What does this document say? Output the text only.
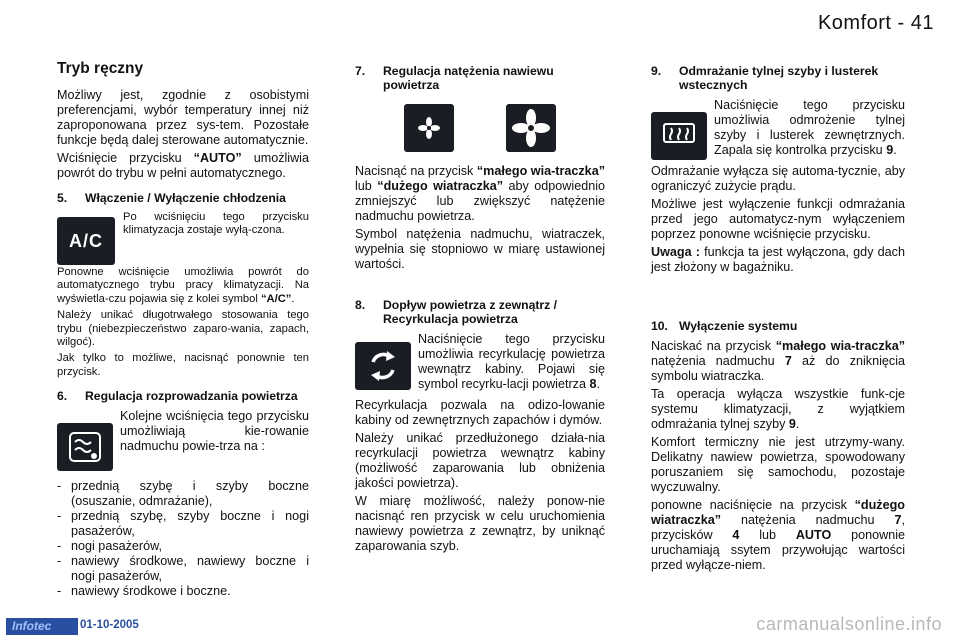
Komfort - 41
Tryb ręczny

Możliwy jest, zgodnie z osobistymi preferencjami, wybór temperatury innej niż zaproponowana przez sys-tem. Pozostałe funkcje będą dalej sterowane automatycznie.

Wciśnięcie przycisku “AUTO” umożliwia powrót do trybu w pełni automatycznego.

5.	Włączenie / Wyłączenie chłodzenia
A/C

Po wciśnięciu tego przycisku klimatyzacja zostaje wyłą-czona.

Ponowne wciśnięcie umożliwia powrót do automatycznego trybu pracy klimatyzacji. Na wyświetla-czu pojawia się z kolei symbol “A/C”.

Należy unikać długotrwałego stosowania tego trybu (niebezpieczeństwo zaparo-wania, zapach, wilgoć).

Jak tylko to możliwe, nacisnąć ponownie ten przycisk.

6.	Regulacja rozprowadzania powietrza

Kolejne wciśnięcia tego przycisku umożliwiają kie-rowanie nadmuchu powie-trza na :

- przednią szybę i szyby boczne (osuszanie, odmrażanie),
- przednią szybę, szyby boczne i nogi pasażerów,
- nogi pasażerów,
- nawiewy środkowe, nawiewy boczne i nogi pasażerów,
- nawiewy środkowe i boczne.
7.	Regulacja natężenia nawiewu powietrza

Nacisnąć na przycisk “małego wia-traczka” lub “dużego wiatraczka” aby odpowiednio zmniejszyć lub zwiększyć natężenie nadmuchu powietrza.

Symbol natężenia nadmuchu, wiatraczek, wypełnia się stopniowo w miarę ustawionej wartości.

8.	Dopływ powietrza z zewnątrz / Recyrkulacja powietrza

Naciśnięcie tego przycisku umożliwia recyrkulację powietrza wewnątrz kabiny. Pojawi się symbol recyrku-lacji powietrza 8.

Recyrkulacja pozwala na odizo-lowanie kabiny od zewnętrznych zapachów i dymów.

Należy unikać przedłużonego działa-nia recyrkulacji powietrza wewnątrz kabiny (możliwość zaparowania lub obniżenia jakości powietrza).

W miarę możliwość, należy ponow-nie nacisnąć ren przycisk w celu uruchomienia nawiewy powietrza z zewnątrz, by uniknąć zaparowania szyb.

9.	Odmrażanie tylnej szyby i lusterek wstecznych

Naciśnięcie tego przycisku umożliwia odmrożenie tylnej szyby i lusterek zewnętrznych. Zapala się kontrolka przycisku 9.

Odmrażanie wyłącza się automa-tycznie, aby ograniczyć zużycie prądu.

Możliwe jest wyłączenie funkcji odmrażania przed jego automatycz-nym wyłączeniem poprzez ponowne wciśnięcie przycisku.

Uwaga : funkcja ta jest wyłączona, gdy dach jest złożony w bagażniku.

10. Wyłączenie systemu

Naciskać na przycisk “małego wia-traczka” natężenia nadmuchu 7 aż do zniknięcia symbolu wiatraczka.

Ta operacja wyłącza wszystkie funk-cje systemu klimatyzacji, z wyjątkiem odmrażania tylnej szyby 9.

Komfort termiczny nie jest utrzymy-wany. Delikatny nawiew powietrza, spowodowany poruszaniem się samochodu, pozostaje wyczuwalny.

ponowne naciśnięcie na przycisk “dużego wiatraczka” natężenia nadmuchu 7, przycisków 4 lub AUTO ponownie uruchamiają ssytem przywołując wartości przed wyłącze-niem.

Infotec	01-10-2005	carmanualsonline.info
